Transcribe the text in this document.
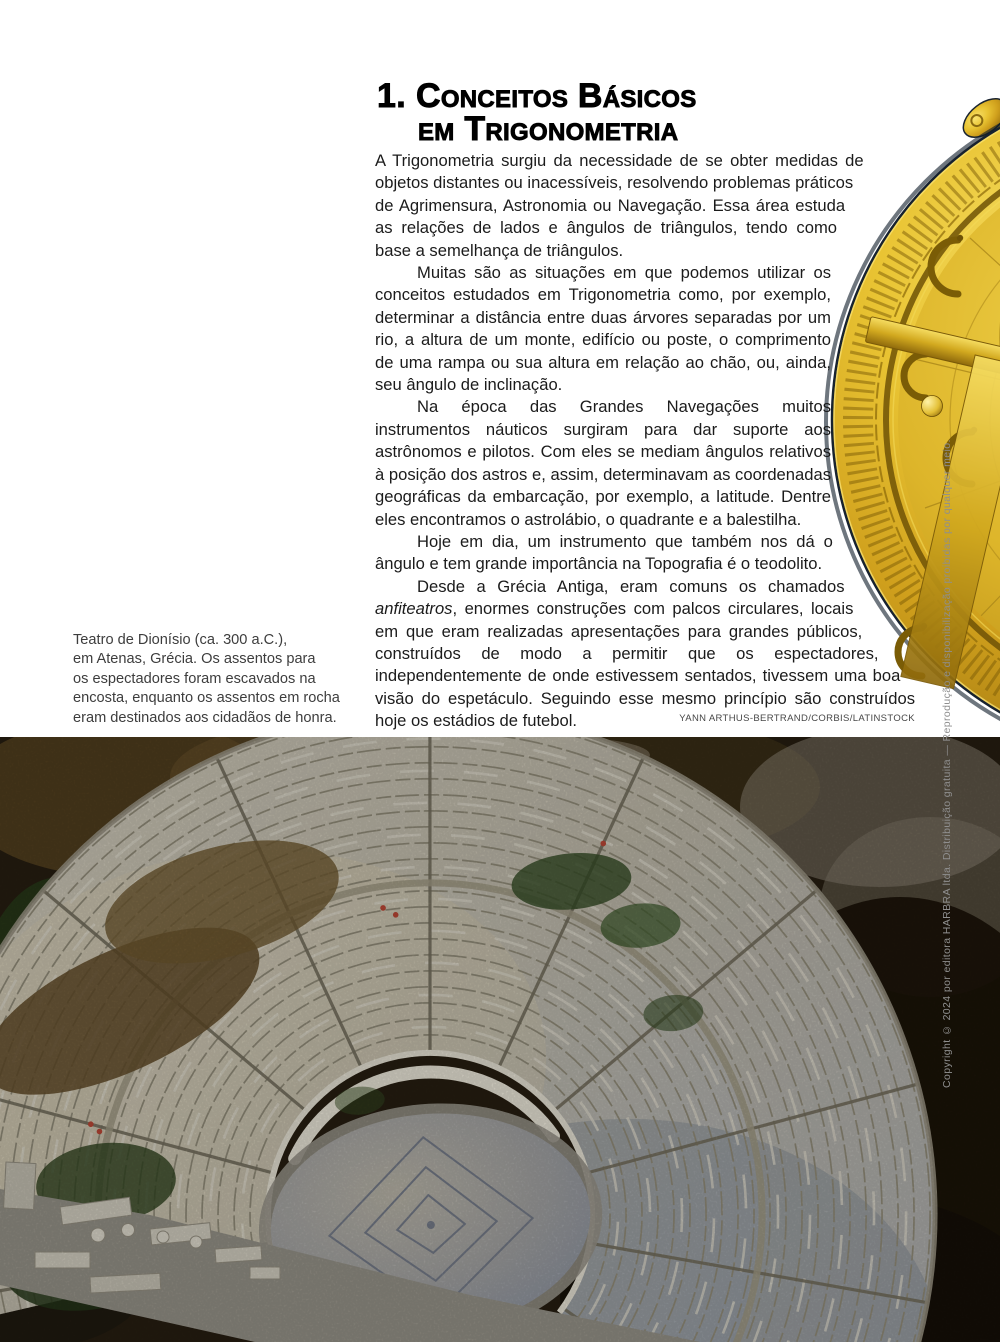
1. Conceitos Básicos
em Trigonometria

A Trigonometria surgiu da necessidade de se obter medidas de objetos distantes ou inacessíveis, resolvendo problemas práticos de Agrimensura, Astronomia ou Navegação. Essa área estuda as relações de lados e ângulos de triângulos, tendo como base a semelhança de triângulos.

Muitas são as situações em que podemos utilizar os conceitos estudados em Trigonometria como, por exemplo, determinar a distância entre duas árvores separadas por um rio, a altura de um monte, edifício ou poste, o comprimento de uma rampa ou sua altura em relação ao chão, ou, ainda, seu ângulo de inclinação.

Na época das Grandes Navegações muitos instrumentos náuticos surgiram para dar suporte aos astrônomos e pilotos. Com eles se mediam ângulos relativos à posição dos astros e, assim, determinavam as coordenadas geográficas da embarcação, por exemplo, a latitude. Dentre eles encontramos o astrolábio, o quadrante e a balestilha.

Hoje em dia, um instrumento que também nos dá o ângulo e tem grande importância na Topografia é o teodolito.

Desde a Grécia Antiga, eram comuns os chamados anfiteatros, enormes construções com palcos circulares, locais em que eram realizadas apresentações para grandes públicos, construídos de modo a permitir que os espectadores, independentemente de onde estivessem sentados, tivessem uma boa visão do espetáculo. Seguindo esse mesmo princípio são construídos hoje os estádios de futebol.

Teatro de Dionísio (ca. 300 a.C.),
em Atenas, Grécia. Os assentos para
os espectadores foram escavados na
encosta, enquanto os assentos em rocha
eram destinados aos cidadãos de honra.	YANN ARTHUS-BERTRAND/CORBIS/LATINSTOCK Copyright © 2024 por editora HARBRA ltda. Distribuição gratuita — Reprodução e disponibilização proibidas por qualquer meio.
